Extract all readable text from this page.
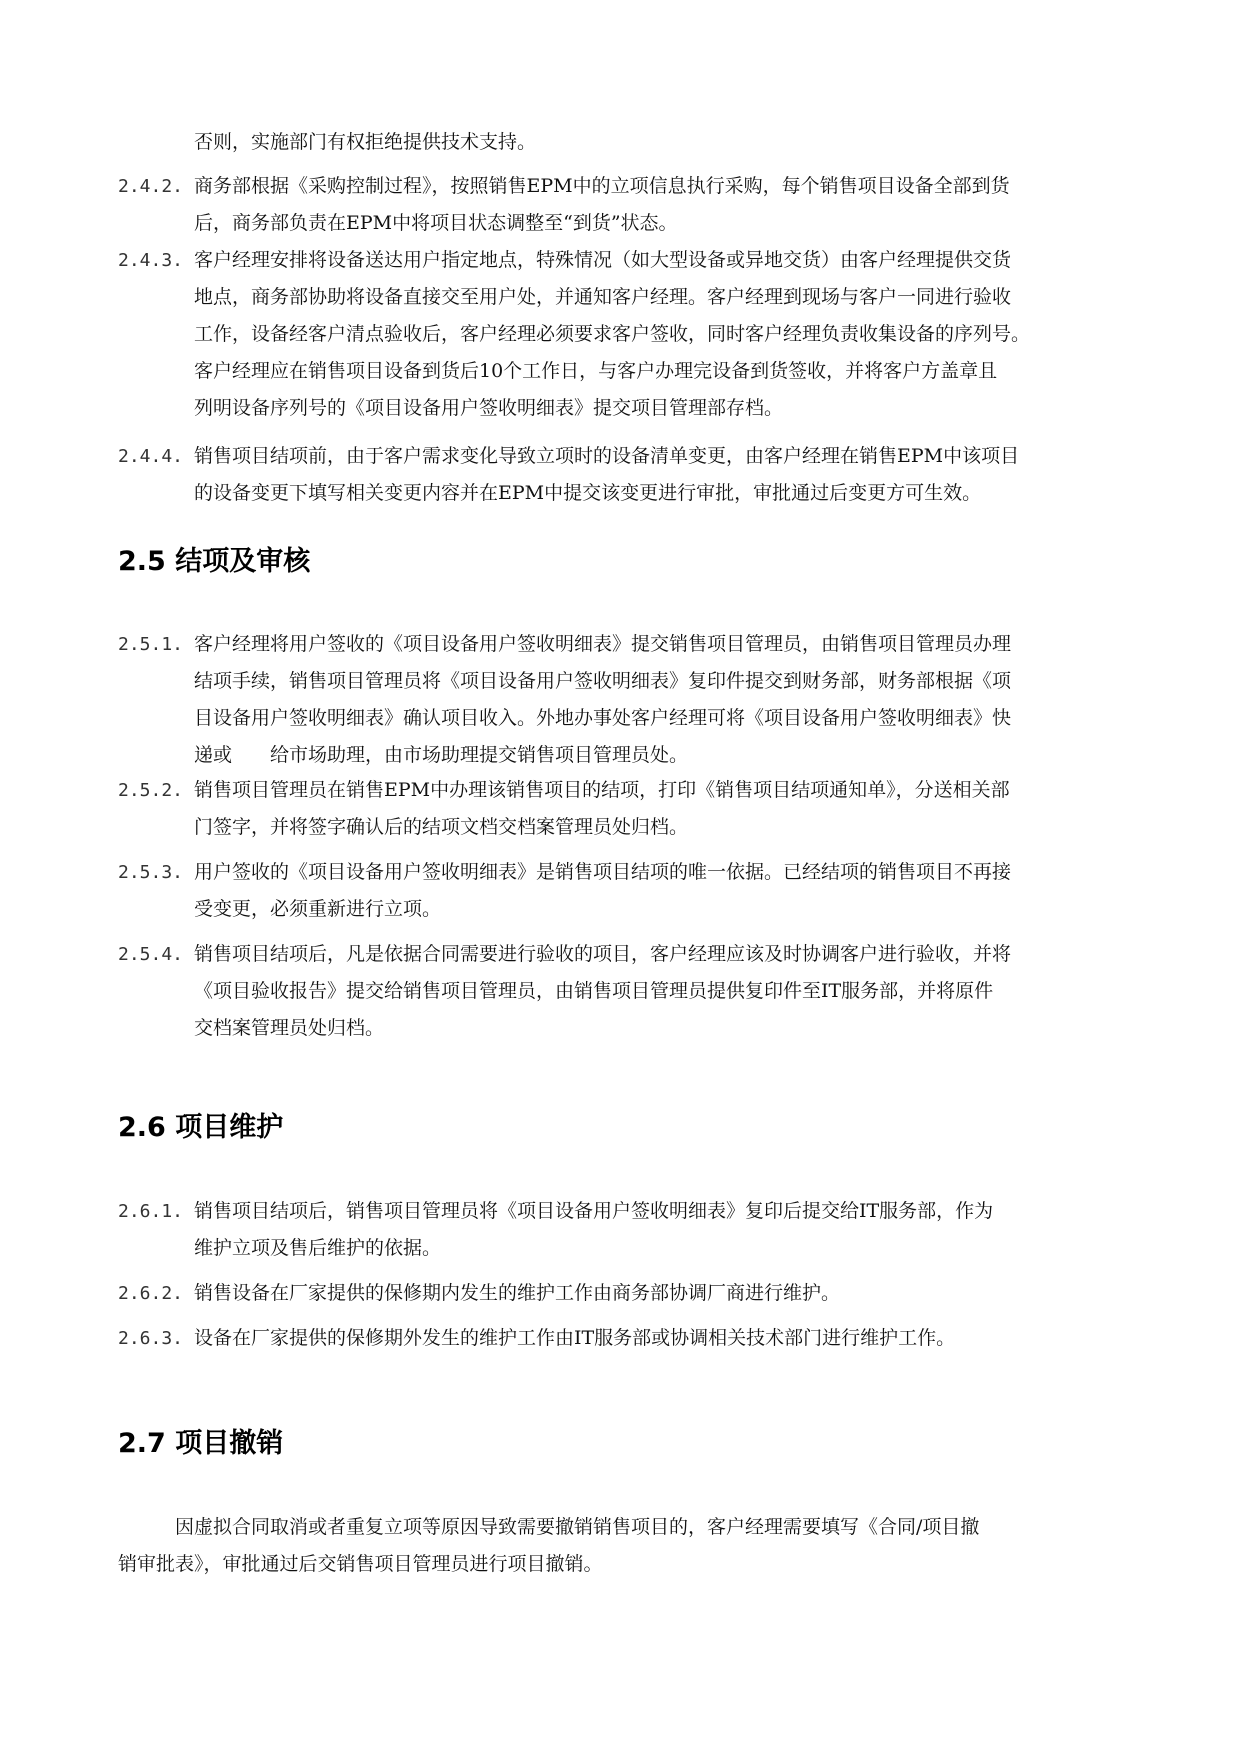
否则，实施部门有权拒绝提供技术支持。
2.4.2. 商务部根据《采购控制过程》，按照销售EPM中的立项信息执行采购，每个销售项目设备全部到货
后，商务部负责在EPM中将项目状态调整至“到货”状态。
2.4.3. 客户经理安排将设备送达用户指定地点，特殊情况（如大型设备或异地交货）由客户经理提供交货
地点，商务部协助将设备直接交至用户处，并通知客户经理。客户经理到现场与客户一同进行验收
工作，设备经客户清点验收后，客户经理必须要求客户签收，同时客户经理负责收集设备的序列号。
客户经理应在销售项目设备到货后10个工作日，与客户办理完设备到货签收，并将客户方盖章且
列明设备序列号的《项目设备用户签收明细表》提交项目管理部存档。
2.4.4. 销售项目结项前，由于客户需求变化导致立项时的设备清单变更，由客户经理在销售EPM中该项目
的设备变更下填写相关变更内容并在EPM中提交该变更进行审批，审批通过后变更方可生效。
2.5 结项及审核
2.5.1. 客户经理将用户签收的《项目设备用户签收明细表》提交销售项目管理员，由销售项目管理员办理
结项手续，销售项目管理员将《项目设备用户签收明细表》复印件提交到财务部，财务部根据《项
目设备用户签收明细表》确认项目收入。外地办事处客户经理可将《项目设备用户签收明细表》快
递或　　给市场助理，由市场助理提交销售项目管理员处。
2.5.2. 销售项目管理员在销售EPM中办理该销售项目的结项，打印《销售项目结项通知单》，分送相关部
门签字，并将签字确认后的结项文档交档案管理员处归档。
2.5.3. 用户签收的《项目设备用户签收明细表》是销售项目结项的唯一依据。已经结项的销售项目不再接
受变更，必须重新进行立项。
2.5.4. 销售项目结项后，凡是依据合同需要进行验收的项目，客户经理应该及时协调客户进行验收，并将
《项目验收报告》提交给销售项目管理员，由销售项目管理员提供复印件至IT服务部，并将原件
交档案管理员处归档。
2.6 项目维护
2.6.1. 销售项目结项后，销售项目管理员将《项目设备用户签收明细表》复印后提交给IT服务部，作为
维护立项及售后维护的依据。
2.6.2. 销售设备在厂家提供的保修期内发生的维护工作由商务部协调厂商进行维护。
2.6.3. 设备在厂家提供的保修期外发生的维护工作由IT服务部或协调相关技术部门进行维护工作。
2.7 项目撤销
　　　因虚拟合同取消或者重复立项等原因导致需要撤销销售项目的，客户经理需要填写《合同/项目撤
销审批表》，审批通过后交销售项目管理员进行项目撤销。
